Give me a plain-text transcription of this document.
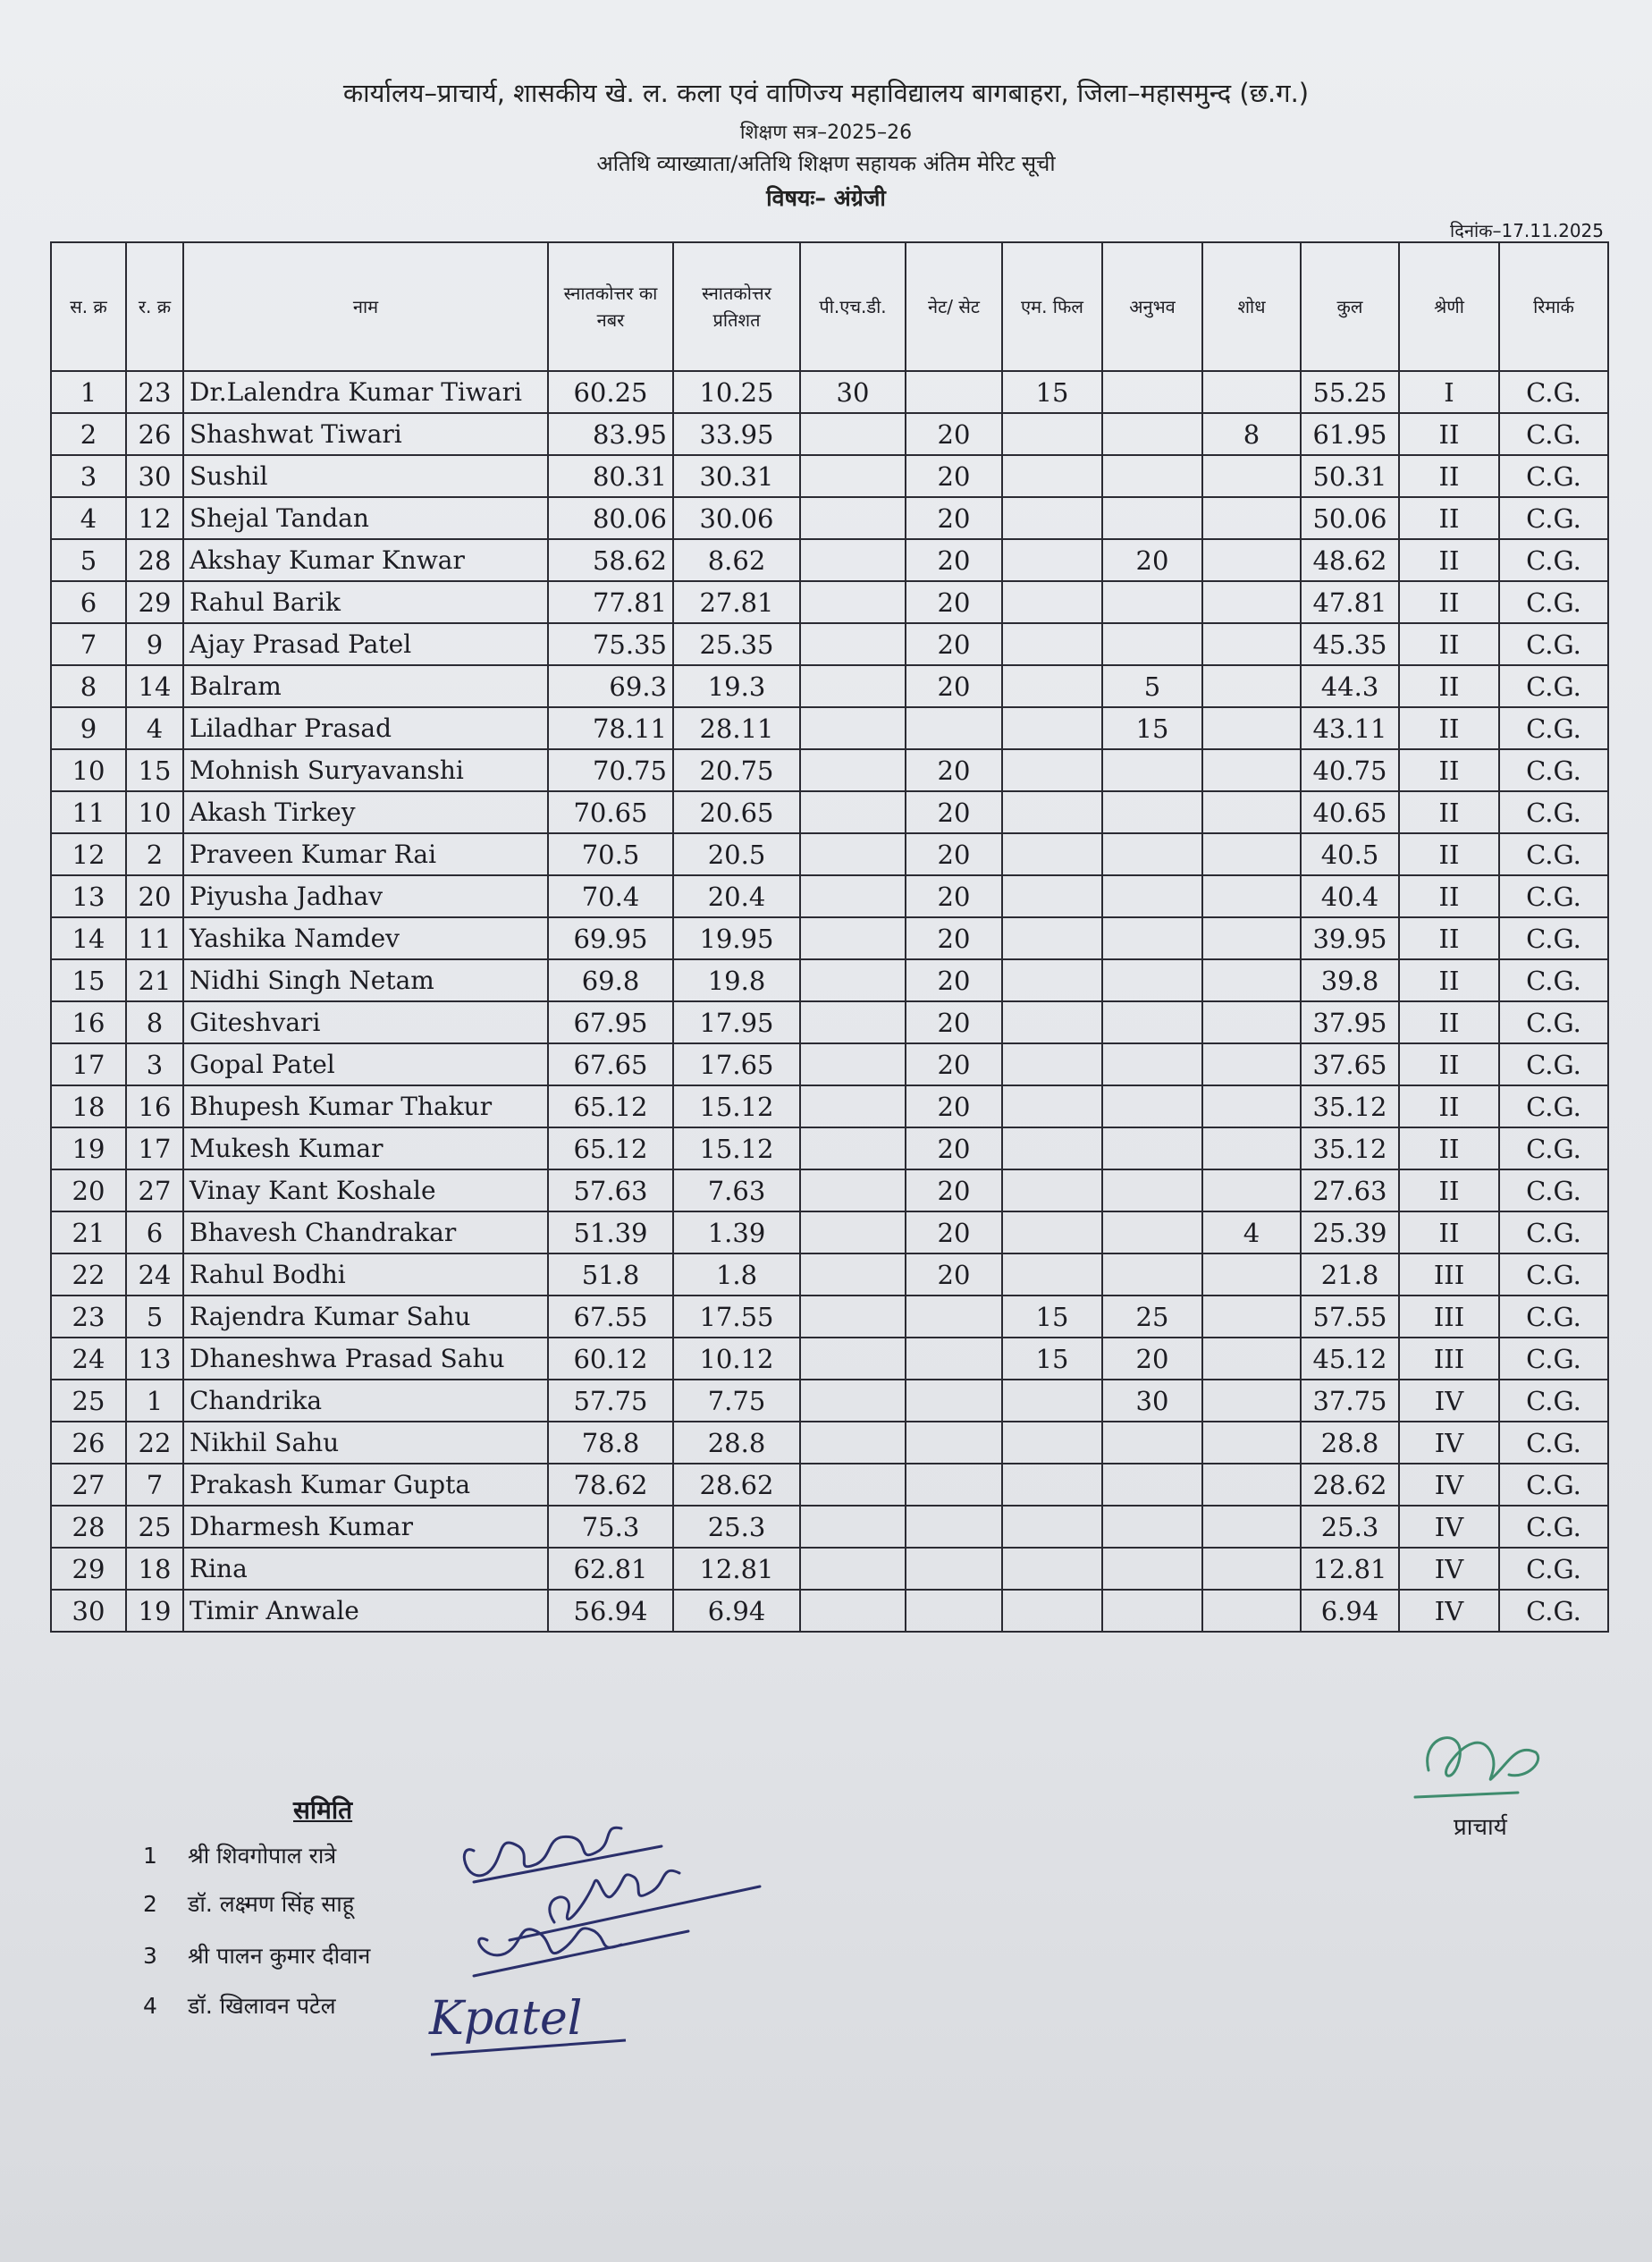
कार्यालय–प्राचार्य, शासकीय खे. ल. कला एवं वाणिज्य महाविद्यालय बागबाहरा, जिला–महासमुन्द (छ.ग.)
शिक्षण सत्र–2025–26
अतिथि व्याख्याता/अतिथि शिक्षण सहायक अंतिम मेरिट सूची
विषयः– अंग्रेजी
दिनांक–17.11.2025
स. क्र	र. क्र	नाम	स्नातकोत्तर का नबर	स्नातकोत्तर प्रतिशत	पी.एच.डी.	नेट/ सेट	एम. फिल	अनुभव	शोध	कुल	श्रेणी	रिमार्क
1	23	Dr.Lalendra Kumar Tiwari	60.25	10.25	30		15			55.25	I	C.G.
2	26	Shashwat Tiwari	83.95	33.95		20			8	61.95	II	C.G.
3	30	Sushil	80.31	30.31		20				50.31	II	C.G.
4	12	Shejal Tandan	80.06	30.06		20				50.06	II	C.G.
5	28	Akshay Kumar Knwar	58.62	8.62		20		20		48.62	II	C.G.
6	29	Rahul Barik	77.81	27.81		20				47.81	II	C.G.
7	9	Ajay Prasad Patel	75.35	25.35		20				45.35	II	C.G.
8	14	Balram	69.3	19.3		20		5		44.3	II	C.G.
9	4	Liladhar Prasad	78.11	28.11				15		43.11	II	C.G.
10	15	Mohnish Suryavanshi	70.75	20.75		20				40.75	II	C.G.
11	10	Akash Tirkey	70.65	20.65		20				40.65	II	C.G.
12	2	Praveen Kumar Rai	70.5	20.5		20				40.5	II	C.G.
13	20	Piyusha Jadhav	70.4	20.4		20				40.4	II	C.G.
14	11	Yashika Namdev	69.95	19.95		20				39.95	II	C.G.
15	21	Nidhi Singh Netam	69.8	19.8		20				39.8	II	C.G.
16	8	Giteshvari	67.95	17.95		20				37.95	II	C.G.
17	3	Gopal Patel	67.65	17.65		20				37.65	II	C.G.
18	16	Bhupesh Kumar Thakur	65.12	15.12		20				35.12	II	C.G.
19	17	Mukesh Kumar	65.12	15.12		20				35.12	II	C.G.
20	27	Vinay Kant Koshale	57.63	7.63		20				27.63	II	C.G.
21	6	Bhavesh Chandrakar	51.39	1.39		20			4	25.39	II	C.G.
22	24	Rahul Bodhi	51.8	1.8		20				21.8	III	C.G.
23	5	Rajendra Kumar Sahu	67.55	17.55			15	25		57.55	III	C.G.
24	13	Dhaneshwa Prasad Sahu	60.12	10.12			15	20		45.12	III	C.G.
25	1	Chandrika	57.75	7.75				30		37.75	IV	C.G.
26	22	Nikhil Sahu	78.8	28.8						28.8	IV	C.G.
27	7	Prakash Kumar Gupta	78.62	28.62						28.62	IV	C.G.
28	25	Dharmesh Kumar	75.3	25.3						25.3	IV	C.G.
29	18	Rina	62.81	12.81						12.81	IV	C.G.
30	19	Timir Anwale	56.94	6.94						6.94	IV	C.G.
समिति
1 श्री शिवगोपाल रात्रे
2 डॉ. लक्ष्मण सिंह साहू
3 श्री पालन कुमार दीवान
4 डॉ. खिलावन पटेल Kpatel
प्राचार्य
